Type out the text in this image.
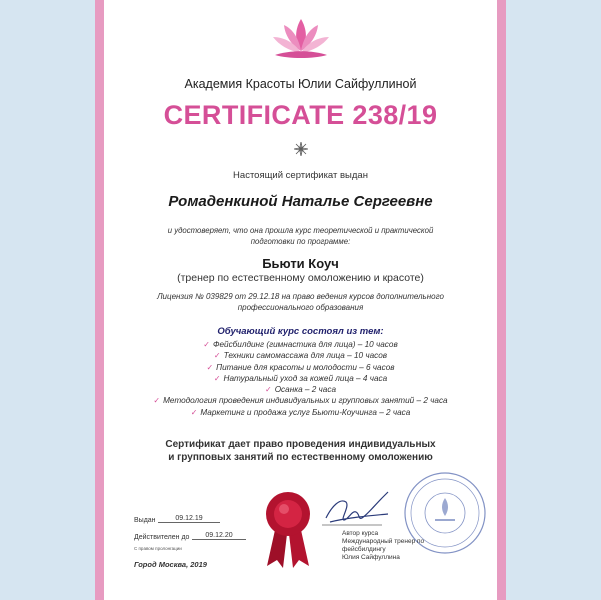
Академия Красоты Юлии Сайфуллиной
CERTIFICATE 238/19
Настоящий сертификат выдан
Ромаденкиной Наталье Сергеевне
и удостоверяет, что она прошла курс теоретической и практической подготовки по программе:
Бьюти Коуч
(тренер по естественному омоложению и красоте)
Лицензия № 039829 от 29.12.18 на право ведения курсов дополнительного профессионального образования
Обучающий курс состоял из тем:
✓ Фейсбилдинг (гимнастика для лица) – 10 часов
✓ Техники самомассажа для лица – 10 часов
✓ Питание для красоты и молодости – 6 часов
✓ Натуральный уход за кожей лица – 4 часа
✓ Осанка – 2 часа
✓ Методология проведения индивидуальных и групповых занятий – 2 часа
✓ Маркетинг и продажа услуг Бьюти-Коучинга – 2 часа
Сертификат дает право проведения индивидуальных
и групповых занятий по естественному омоложению
Выдан	09.12.19
Действителен до	09.12.20
С правом пролонгации
Город Москва, 2019
Автор курса
Международный тренер по
фейсбилдингу
Юлия Сайфуллина
